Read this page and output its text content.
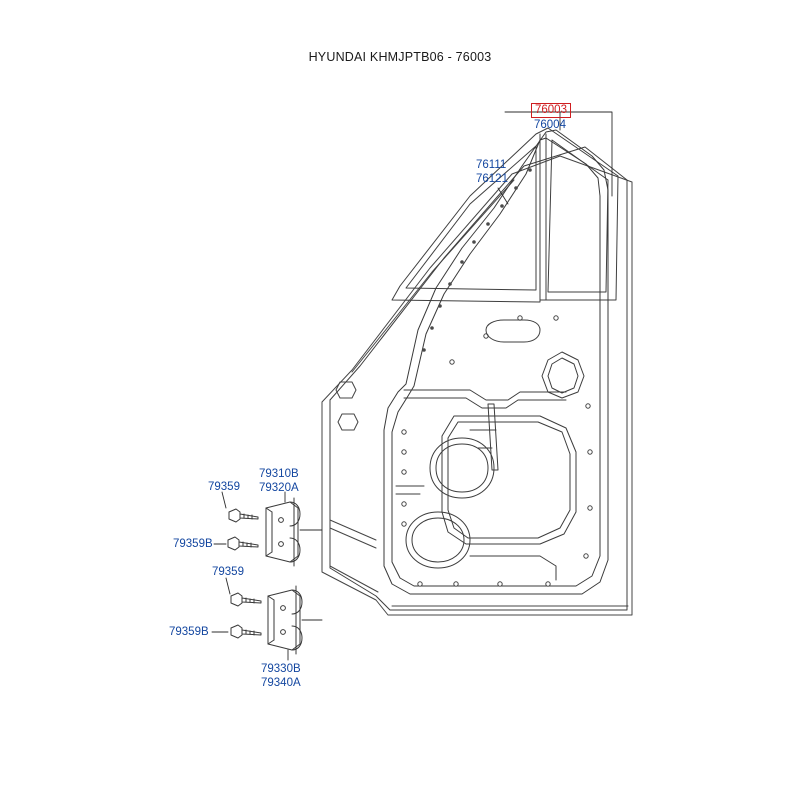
HYUNDAI KHMJPTB06 - 76003
76003
76004
76111
76121
79359
79310B
79320A
79359B
79359
79359B
79330B
79340A
